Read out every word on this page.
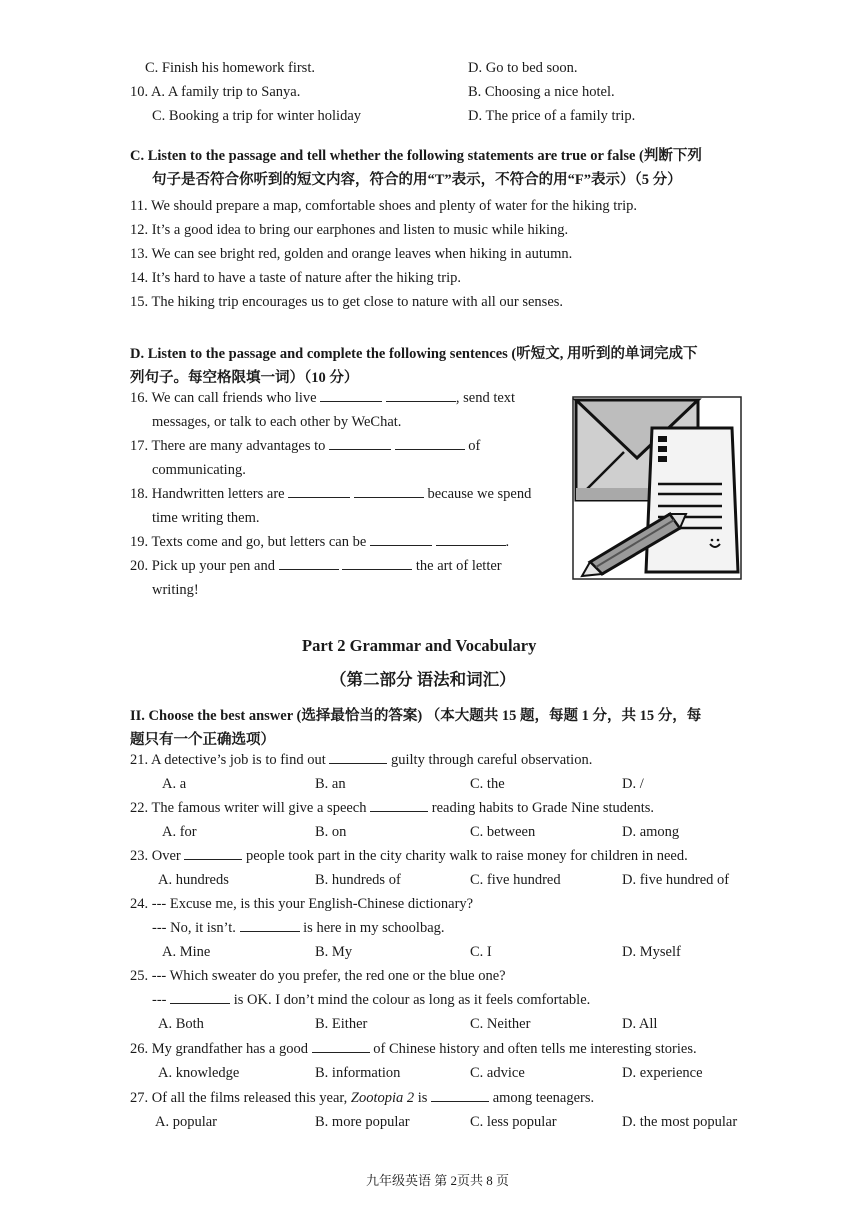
C. Finish his homework first.	D. Go to bed soon.
10. A. A family trip to Sanya.	B. Choosing a nice hotel.
C. Booking a trip for winter holiday	D. The price of a family trip.
C. Listen to the passage and tell whether the following statements are true or false (判断下列
句子是否符合你听到的短文内容，符合的用“T”表示，不符合的用“F”表示）（5 分）
11. We should prepare a map, comfortable shoes and plenty of water for the hiking trip.
12. It’s a good idea to bring our earphones and listen to music while hiking.
13. We can see bright red, golden and orange leaves when hiking in autumn.
14. It’s hard to have a taste of nature after the hiking trip.
15. The hiking trip encourages us to get close to nature with all our senses.
D. Listen to the passage and complete the following sentences (听短文, 用听到的单词完成下
列句子。每空格限填一词）（10 分）
16. We can call friends who live	, send text
messages, or talk to each other by WeChat.
17. There are many advantages to	of
communicating.
18. Handwritten letters are	because we spend
time writing them.
19. Texts come and go, but letters can be	.
20. Pick up your pen and	the art of letter
writing!
Part 2 Grammar and Vocabulary
（第二部分 语法和词汇）
II. Choose the best answer (选择最恰当的答案) （本大题共 15 题，每题 1 分，共 15 分，每
题只有一个正确选项）
21. A detective’s job is to find out	guilty through careful observation.
A. a	B. an	C. the	D. /
22. The famous writer will give a speech	reading habits to Grade Nine students.
A. for	B. on	C. between	D. among
23. Over	people took part in the city charity walk to raise money for children in need.
A. hundreds	B. hundreds of	C. five hundred	D. five hundred of
24. --- Excuse me, is this your English-Chinese dictionary?
--- No, it isn’t.	is here in my schoolbag.
A. Mine	B. My	C. I	D. Myself
25. --- Which sweater do you prefer, the red one or the blue one?
---	is OK. I don’t mind the colour as long as it feels comfortable.
A. Both	B. Either	C. Neither	D. All
26. My grandfather has a good	of Chinese history and often tells me interesting stories.
A. knowledge	B. information	C. advice	D. experience
27. Of all the films released this year, Zootopia 2 is	among teenagers.
A. popular	B. more popular	C. less popular	D. the most popular
九年级英语 第 2页共 8 页
